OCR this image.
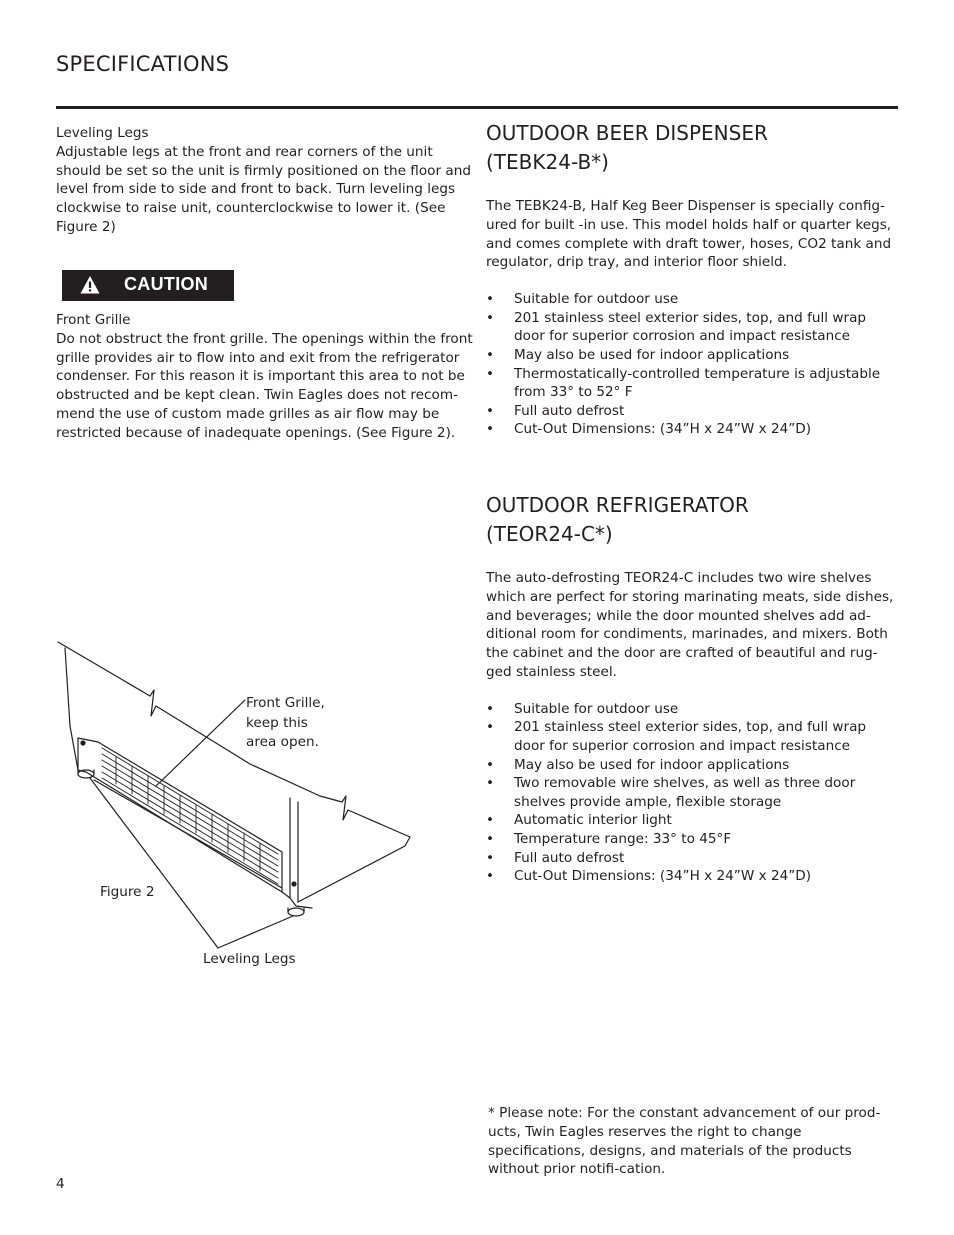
SPECIFICATIONS
Leveling Legs
Adjustable legs at the front and rear corners of the unit should be set so the unit is firmly positioned on the floor and level from side to side and front to back. Turn leveling legs clockwise to raise unit, counterclockwise to lower it. (See Figure 2)
CAUTION
Front Grille
Do not obstruct the front grille. The openings within the front grille provides air to flow into and exit from the refrigerator condenser. For this reason it is important this area to not be obstructed and be kept clean. Twin Eagles does not recom-mend the use of custom made grilles as air flow may be restricted because of inadequate openings. (See Figure 2).
Front Grille,
keep this
area open.
Figure 2
Leveling Legs
OUTDOOR BEER DISPENSER
(TEBK24-B*)
The TEBK24-B, Half Keg Beer Dispenser is specially config-ured for built -in use. This model holds half or quarter kegs, and comes complete with draft tower, hoses, CO2 tank and regulator, drip tray, and interior floor shield.
• Suitable for outdoor use
• 201 stainless steel exterior sides, top, and full wrap door for superior corrosion and impact resistance
• May also be used for indoor applications
• Thermostatically-controlled temperature is adjustable from 33° to 52° F
• Full auto defrost
• Cut-Out Dimensions: (34”H x 24”W x 24”D)
OUTDOOR REFRIGERATOR
(TEOR24-C*)
The auto-defrosting TEOR24-C includes two wire shelves which are perfect for storing marinating meats, side dishes, and beverages; while the door mounted shelves add ad-ditional room for condiments, marinades, and mixers. Both the cabinet and the door are crafted of beautiful and rug-ged stainless steel.
• Suitable for outdoor use
• 201 stainless steel exterior sides, top, and full wrap door for superior corrosion and impact resistance
• May also be used for indoor applications
• Two removable wire shelves, as well as three door shelves provide ample, flexible storage
• Automatic interior light
• Temperature range: 33° to 45°F
• Full auto defrost
• Cut-Out Dimensions: (34”H x 24”W x 24”D)
* Please note: For the constant advancement of our prod-ucts, Twin Eagles reserves the right to change specifications, designs, and materials of the products without prior notifi-cation.
4
